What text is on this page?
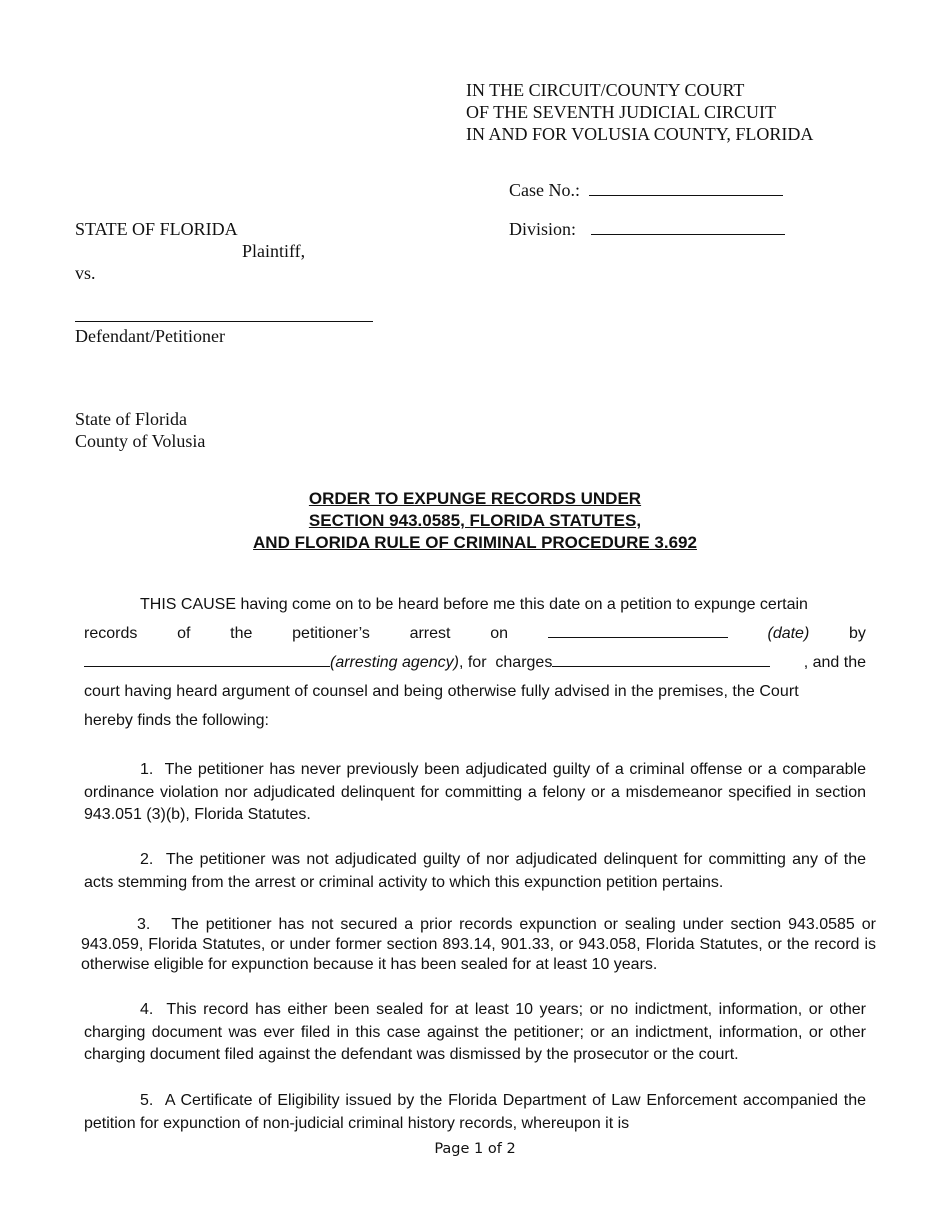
IN THE CIRCUIT/COUNTY COURT
OF THE SEVENTH JUDICIAL CIRCUIT
IN AND FOR VOLUSIA COUNTY, FLORIDA
Case No.:
Division:
STATE OF FLORIDA
Plaintiff,
vs.
Defendant/Petitioner
State of Florida
County of Volusia
ORDER TO EXPUNGE RECORDS UNDER
SECTION 943.0585, FLORIDA STATUTES,
AND FLORIDA RULE OF CRIMINAL PROCEDURE 3.692
THIS CAUSE having come on to be heard before me this date on a petition to expunge certain
records of the petitioner’s arrest on	(date) by
(arresting agency) , for  charges	, and the
court having heard argument of counsel and being otherwise fully advised in the premises, the Court
hereby finds the following:
1. The petitioner has never previously been adjudicated guilty of a criminal offense or a comparable ordinance violation nor adjudicated delinquent for committing a felony or a misdemeanor specified in section 943.051 (3)(b), Florida Statutes.
2. The petitioner was not adjudicated guilty of nor adjudicated delinquent for committing any of the acts stemming from the arrest or criminal activity to which this expunction petition pertains.
3. The petitioner has not secured a prior records expunction or sealing under section 943.0585 or 943.059, Florida Statutes, or under former section 893.14, 901.33, or 943.058, Florida Statutes, or the record is otherwise eligible for expunction because it has been sealed for at least 10 years.
4. This record has either been sealed for at least 10 years; or no indictment, information, or other charging document was ever filed in this case against the petitioner; or an indictment, information, or other charging document filed against the defendant was dismissed by the prosecutor or the court.
5. A Certificate of Eligibility issued by the Florida Department of Law Enforcement accompanied the petition for expunction of non-judicial criminal history records, whereupon it is
Page 1 of 2
